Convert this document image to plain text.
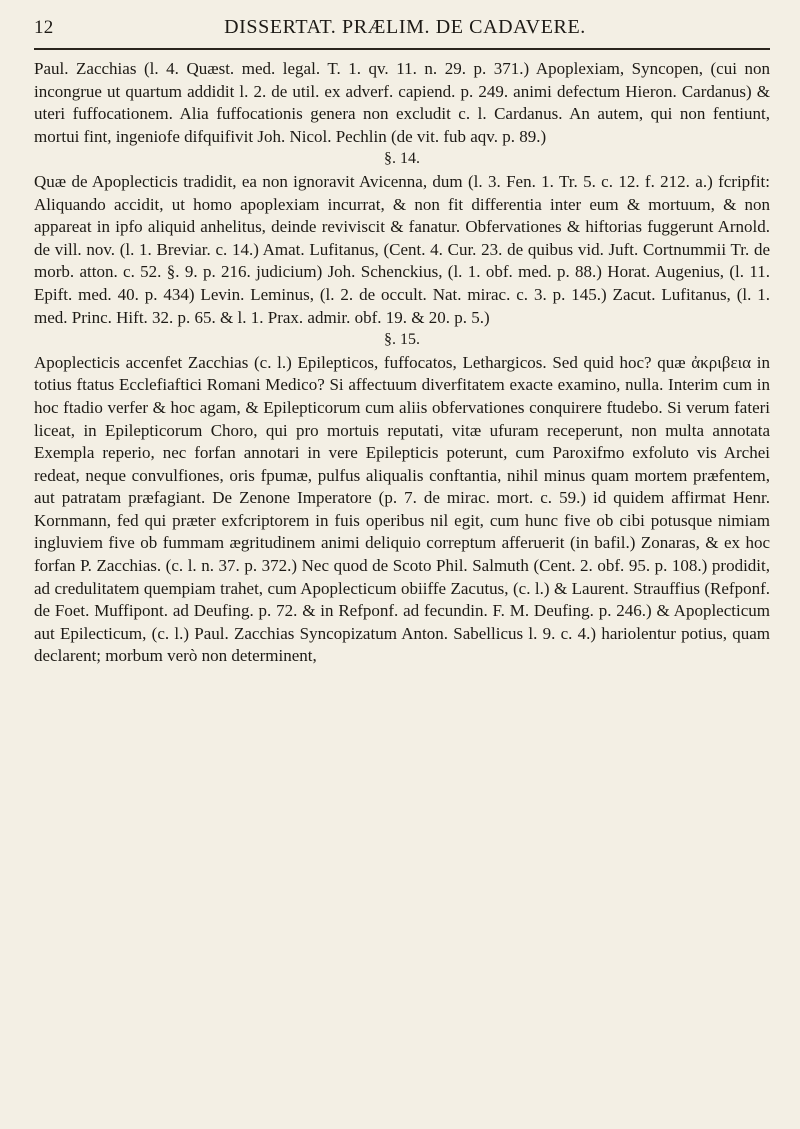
12	DISSERTAT. PRÆLIM. DE CADAVERE.

Paul. Zacchias (l. 4. Quæst. med. legal. T. 1. qv. 11. n. 29. p. 371.) Apoplexiam, Syncopen, (cui non incongrue ut quartum addidit l. 2. de util. ex adverf. capiend. p. 249. animi defectum Hieron. Cardanus) & uteri fuffocationem. Alia fuffocationis genera non excludit c. l. Cardanus. An autem, qui non fentiunt, mortui fint, ingeniofe difquifivit Joh. Nicol. Pechlin (de vit. fub aqv. p. 89.)

§. 14.

Quæ de Apoplecticis tradidit, ea non ignoravit Avicenna, dum (l. 3. Fen. 1. Tr. 5. c. 12. f. 212. a.) fcripfit: Aliquando accidit, ut homo apoplexiam incurrat, & non fit differentia inter eum & mortuum, & non appareat in ipfo aliquid anhelitus, deinde reviviscit & fanatur. Obfervationes & hiftorias fuggerunt Arnold. de vill. nov. (l. 1. Breviar. c. 14.) Amat. Lufitanus, (Cent. 4. Cur. 23. de quibus vid. Juft. Cortnummii Tr. de morb. atton. c. 52. §. 9. p. 216. judicium) Joh. Schenckius, (l. 1. obf. med. p. 88.) Horat. Augenius, (l. 11. Epift. med. 40. p. 434) Levin. Leminus, (l. 2. de occult. Nat. mirac. c. 3. p. 145.) Zacut. Lufitanus, (l. 1. med. Princ. Hift. 32. p. 65. & l. 1. Prax. admir. obf. 19. & 20. p. 5.)

§. 15.

Apoplecticis accenfet Zacchias (c. l.) Epilepticos, fuffocatos, Lethargicos. Sed quid hoc? quæ ἀκριβεια in totius ftatus Ecclefiaftici Romani Medico? Si affectuum diverfitatem exacte examino, nulla. Interim cum in hoc ftadio verfer & hoc agam, & Epilepticorum cum aliis obfervationes conquirere ftudebo. Si verum fateri liceat, in Epilepticorum Choro, qui pro mortuis reputati, vitæ ufuram receperunt, non multa annotata Exempla reperio, nec forfan annotari in vere Epilepticis poterunt, cum Paroxifmo exfoluto vis Archei redeat, neque convulfiones, oris fpumæ, pulfus aliqualis conftantia, nihil minus quam mortem præfentem, aut patratam præfagiant. De Zenone Imperatore (p. 7. de mirac. mort. c. 59.) id quidem affirmat Henr. Kornmann, fed qui præter exfcriptorem in fuis operibus nil egit, cum hunc five ob cibi potusque nimiam ingluviem five ob fummam ægritudinem animi deliquio correptum afferuerit (in bafil.) Zonaras, & ex hoc forfan P. Zacchias. (c. l. n. 37. p. 372.) Nec quod de Scoto Phil. Salmuth (Cent. 2. obf. 95. p. 108.) prodidit, ad credulitatem quempiam trahet, cum Apoplecticum obiiffe Zacutus, (c. l.) & Laurent. Strauffius (Refponf. de Foet. Muffipont. ad Deufing. p. 72. & in Refponf. ad fecundin. F. M. Deufing. p. 246.) & Apoplecticum aut Epilecticum, (c. l.) Paul. Zacchias Syncopizatum Anton. Sabellicus l. 9. c. 4.) hariolentur potius, quam declarent; morbum verò non determinent,
